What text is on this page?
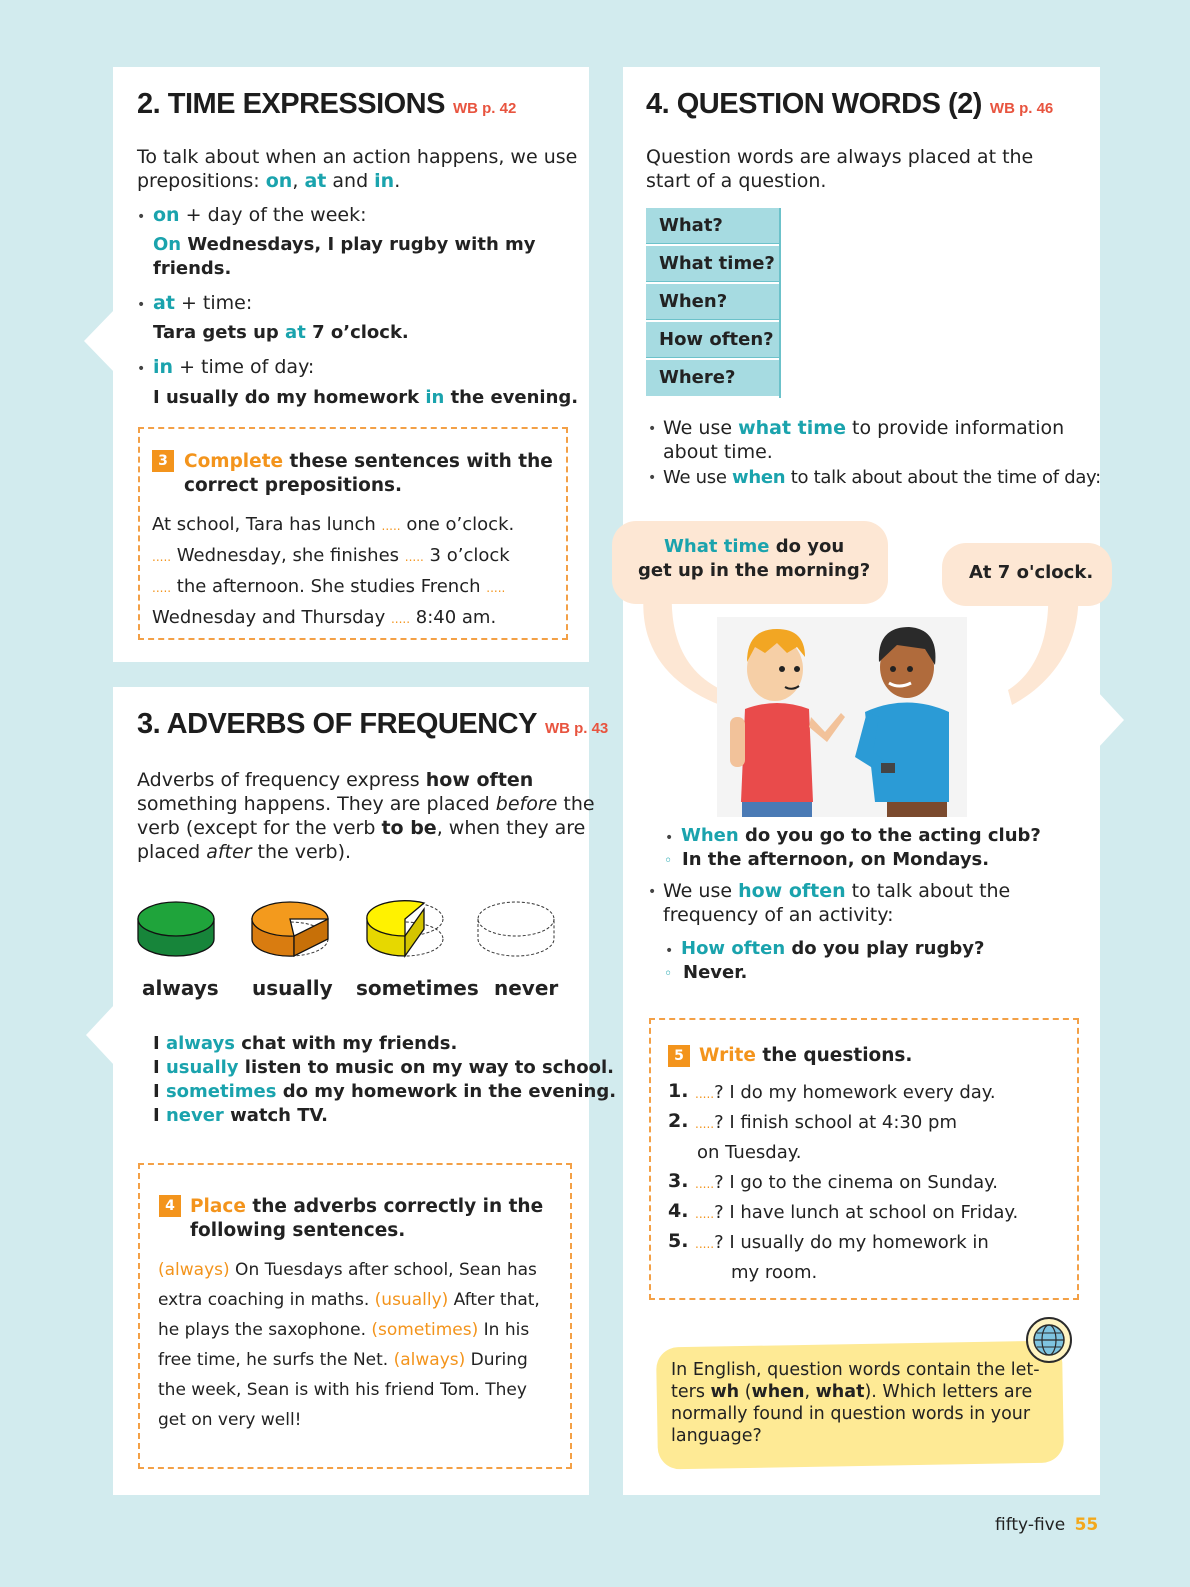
2. TIME EXPRESSIONS WB p. 42
To talk about when an action happens, we use
prepositions: on, at and in.
• on + day of the week:
On Wednesdays, I play rugby with my
friends.
• at + time:
Tara gets up at 7 o’clock.
• in + time of day:
I usually do my homework in the evening.
3 Complete these sentences with the
correct prepositions.
At school, Tara has lunch ..... one o’clock.
..... Wednesday, she finishes ..... 3 o’clock
..... the afternoon. She studies French .....
Wednesday and Thursday ..... 8:40 am.
3. ADVERBS OF FREQUENCY WB p. 43
Adverbs of frequency express how often
something happens. They are placed before the
verb (except for the verb to be, when they are
placed after the verb).
always usually sometimes never
I always chat with my friends.
I usually listen to music on my way to school.
I sometimes do my homework in the evening.
I never watch TV.
4 Place the adverbs correctly in the
following sentences.
(always) On Tuesdays after school, Sean has
extra coaching in maths. (usually) After that,
he plays the saxophone. (sometimes) In his
free time, he surfs the Net. (always) During
the week, Sean is with his friend Tom. They
get on very well!
4. QUESTION WORDS (2) WB p. 46
Question words are always placed at the
start of a question.
What?
What time?
When?
How often?
Where?
• We use what time to provide information
about time.
• We use when to talk about about the time of day:
What time do you
get up in the morning?	At 7 o'clock.
• When do you go to the acting club?
◦ In the afternoon, on Mondays.
• We use how often to talk about the
frequency of an activity:
• How often do you play rugby?
◦ Never.
5 Write the questions.
1. .....? I do my homework every day.
2. .....? I finish school at 4:30 pm
on Tuesday.
3. .....? I go to the cinema on Sunday.
4. .....? I have lunch at school on Friday.
5. .....? I usually do my homework in
my room.
In English, question words contain the let-
ters wh (when, what). Which letters are
normally found in question words in your
language?
fifty-five 55
